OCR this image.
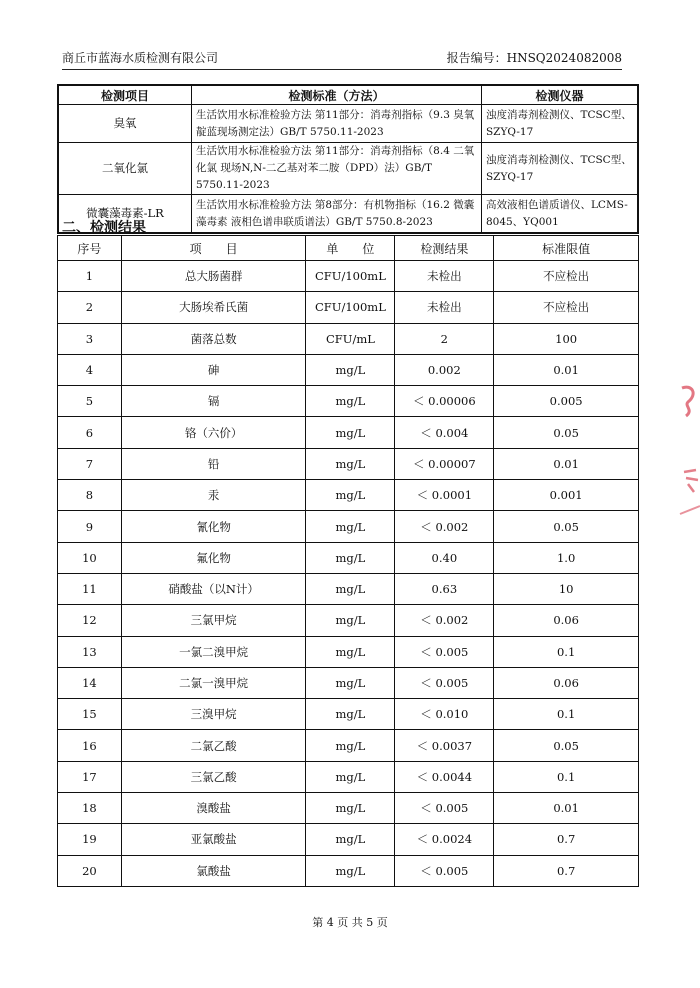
商丘市蓝海水质检测有限公司	报告编号：HNSQ2024082008
检测项目	检测标准（方法）	检测仪器
臭氧	生活饮用水标准检验方法 第11部分：消毒剂指标（9.3 臭氧 靛蓝现场测定法）GB/T 5750.11-2023	浊度消毒剂检测仪、TCSC型、SZYQ-17
二氧化氯	生活饮用水标准检验方法 第11部分：消毒剂指标（8.4 二氧化氯 现场N,N-二乙基对苯二胺（DPD）法）GB/T 5750.11-2023	浊度消毒剂检测仪、TCSC型、SZYQ-17
微囊藻毒素-LR	生活饮用水标准检验方法 第8部分：有机物指标（16.2 微囊藻毒素 液相色谱串联质谱法）GB/T 5750.8-2023	高效液相色谱质谱仪、LCMS-8045、YQ001
二、检测结果
序号	项　　目	单　　位	检测结果	标准限值
1	总大肠菌群	CFU/100mL	未检出	不应检出
2	大肠埃希氏菌	CFU/100mL	未检出	不应检出
3	菌落总数	CFU/mL	2	100
4	砷	mg/L	0.002	0.01
5	镉	mg/L	＜ 0.00006	0.005
6	铬（六价）	mg/L	＜ 0.004	0.05
7	铅	mg/L	＜ 0.00007	0.01
8	汞	mg/L	＜ 0.0001	0.001
9	氰化物	mg/L	＜ 0.002	0.05
10	氟化物	mg/L	0.40	1.0
11	硝酸盐（以N计）	mg/L	0.63	10
12	三氯甲烷	mg/L	＜ 0.002	0.06
13	一氯二溴甲烷	mg/L	＜ 0.005	0.1
14	二氯一溴甲烷	mg/L	＜ 0.005	0.06
15	三溴甲烷	mg/L	＜ 0.010	0.1
16	二氯乙酸	mg/L	＜ 0.0037	0.05
17	三氯乙酸	mg/L	＜ 0.0044	0.1
18	溴酸盐	mg/L	＜ 0.005	0.01
19	亚氯酸盐	mg/L	＜ 0.0024	0.7
20	氯酸盐	mg/L	＜ 0.005	0.7
第 4 页 共 5 页
